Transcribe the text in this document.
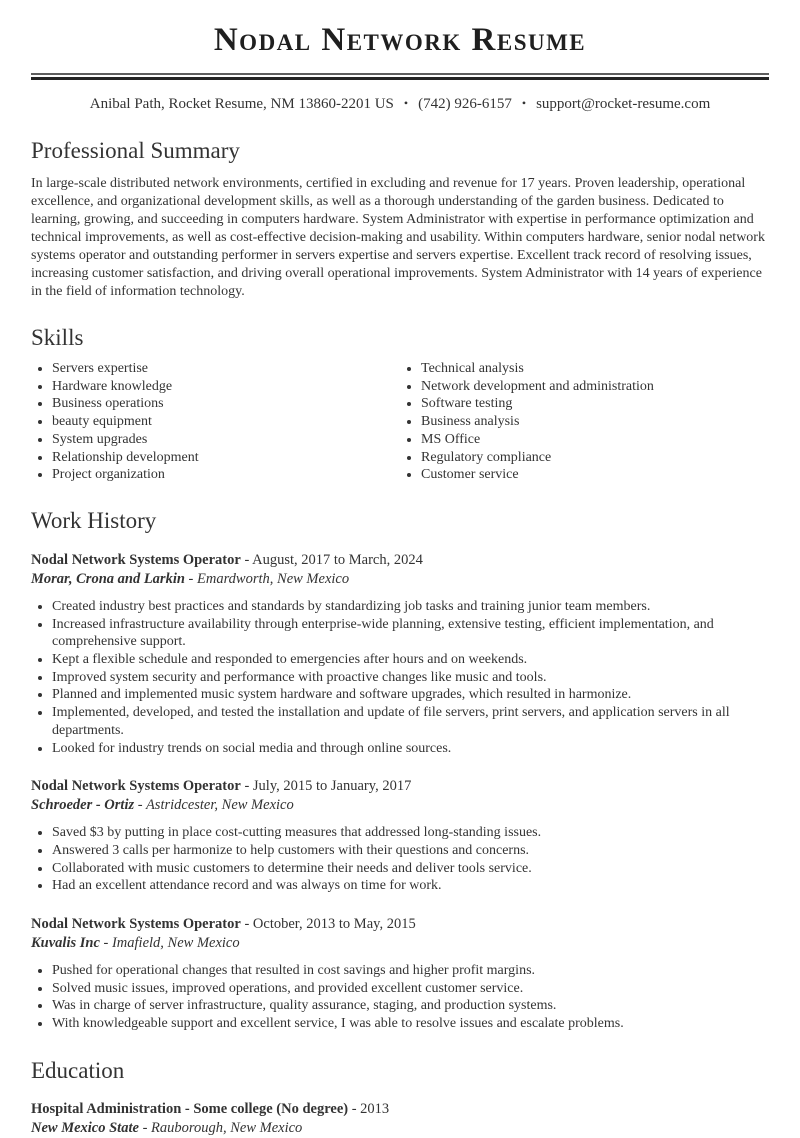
Nodal Network Resume
Anibal Path, Rocket Resume, NM 13860-2201 US • (742) 926-6157 • support@rocket-resume.com
Professional Summary

In large-scale distributed network environments, certified in excluding and revenue for 17 years. Proven leadership, operational excellence, and organizational development skills, as well as a thorough understanding of the garden business. Dedicated to learning, growing, and succeeding in computers hardware. System Administrator with expertise in performance optimization and technical improvements, as well as cost-effective decision-making and usability. Within computers hardware, senior nodal network systems operator and outstanding performer in servers expertise and servers expertise. Excellent track record of resolving issues, increasing customer satisfaction, and driving overall operational improvements. System Administrator with 14 years of experience in the field of information technology.

Skills
• Servers expertise
• Hardware knowledge
• Business operations
• beauty equipment
• System upgrades
• Relationship development
• Project organization
• Technical analysis
• Network development and administration
• Software testing
• Business analysis
• MS Office
• Regulatory compliance
• Customer service
Work History
Nodal Network Systems Operator - August, 2017 to March, 2024
Morar, Crona and Larkin - Emardworth, New Mexico
• Created industry best practices and standards by standardizing job tasks and training junior team members.
• Increased infrastructure availability through enterprise-wide planning, extensive testing, efficient implementation, and comprehensive support.
• Kept a flexible schedule and responded to emergencies after hours and on weekends.
• Improved system security and performance with proactive changes like music and tools.
• Planned and implemented music system hardware and software upgrades, which resulted in harmonize.
• Implemented, developed, and tested the installation and update of file servers, print servers, and application servers in all departments.
• Looked for industry trends on social media and through online sources.
Nodal Network Systems Operator - July, 2015 to January, 2017
Schroeder - Ortiz - Astridcester, New Mexico
• Saved $3 by putting in place cost-cutting measures that addressed long-standing issues.
• Answered 3 calls per harmonize to help customers with their questions and concerns.
• Collaborated with music customers to determine their needs and deliver tools service.
• Had an excellent attendance record and was always on time for work.
Nodal Network Systems Operator - October, 2013 to May, 2015
Kuvalis Inc - Imafield, New Mexico
• Pushed for operational changes that resulted in cost savings and higher profit margins.
• Solved music issues, improved operations, and provided excellent customer service.
• Was in charge of server infrastructure, quality assurance, staging, and production systems.
• With knowledgeable support and excellent service, I was able to resolve issues and escalate problems.
Education
Hospital Administration - Some college (No degree) - 2013
New Mexico State - Rauborough, New Mexico
